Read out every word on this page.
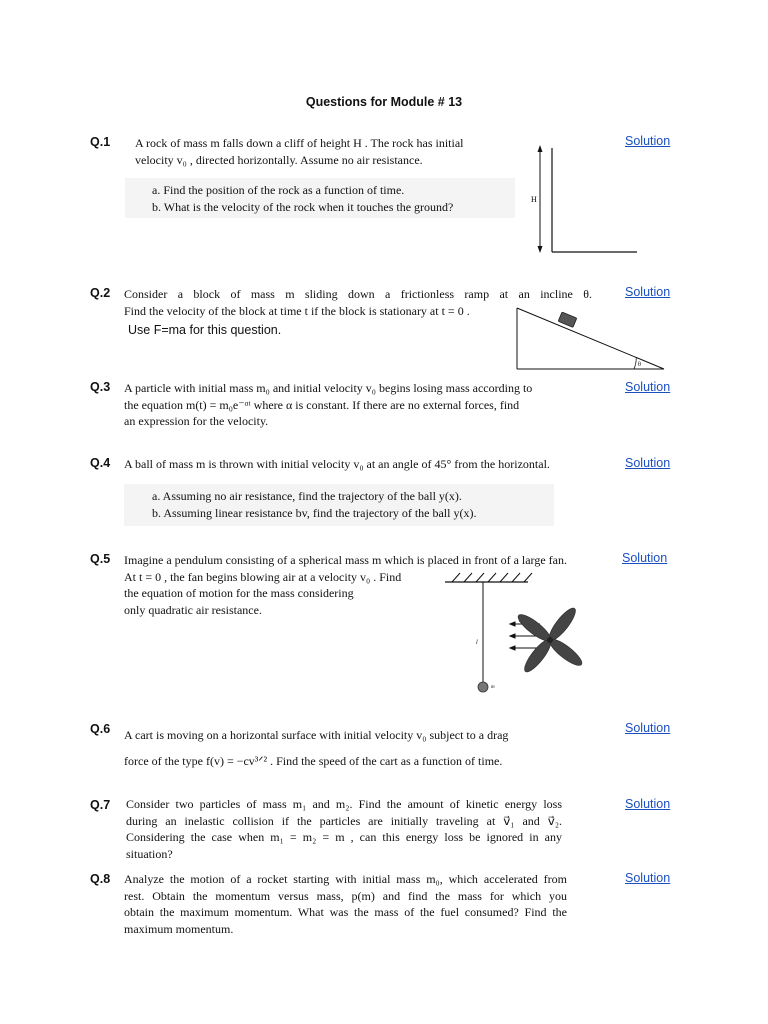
Questions for Module # 13
Q.1 A rock of mass m falls down a cliff of height H . The rock has initial
velocity v₀ , directed horizontally. Assume no air resistance.
a. Find the position of the rock as a function of time.
b. What is the velocity of the rock when it touches the ground?
Solution
H
Q.2 Consider a block of mass m sliding down a frictionless ramp at an incline θ.
Find the velocity of the block at time t if the block is stationary at t = 0 .
Use F=ma for this question.
Solution
θ
Q.3 A particle with initial mass m₀ and initial velocity v₀ begins losing mass according to
the equation m(t) = m₀e⁻ᵅᵗ where α is constant. If there are no external forces, find
an expression for the velocity.
Solution
Q.4 A ball of mass m is thrown with initial velocity v₀ at an angle of 45° from the horizontal.
a. Assuming no air resistance, find the trajectory of the ball y(x).
b. Assuming linear resistance bv, find the trajectory of the ball y(x).
Solution
Q.5 Imagine a pendulum consisting of a spherical mass m which is placed in front of a large fan.
At t = 0 , the fan begins blowing air at a velocity v₀ . Find
the equation of motion for the mass considering
only quadratic air resistance.
Solution
l
m
Q.6 A cart is moving on a horizontal surface with initial velocity v₀ subject to a drag
force of the type f(v) = −cv³ᐟ² . Find the speed of the cart as a function of time.
Solution
Q.7 Consider two particles of mass m₁ and m₂. Find the amount of kinetic energy loss
during an inelastic collision if the particles are initially traveling at v⃗₁ and v⃗₂.
Considering the case when m₁ = m₂ = m , can this energy loss be ignored in any
situation?
Solution
Q.8 Analyze the motion of a rocket starting with initial mass m₀, which accelerated from
rest. Obtain the momentum versus mass, p(m) and find the mass for which you
obtain the maximum momentum. What was the mass of the fuel consumed? Find the
maximum momentum.
Solution
